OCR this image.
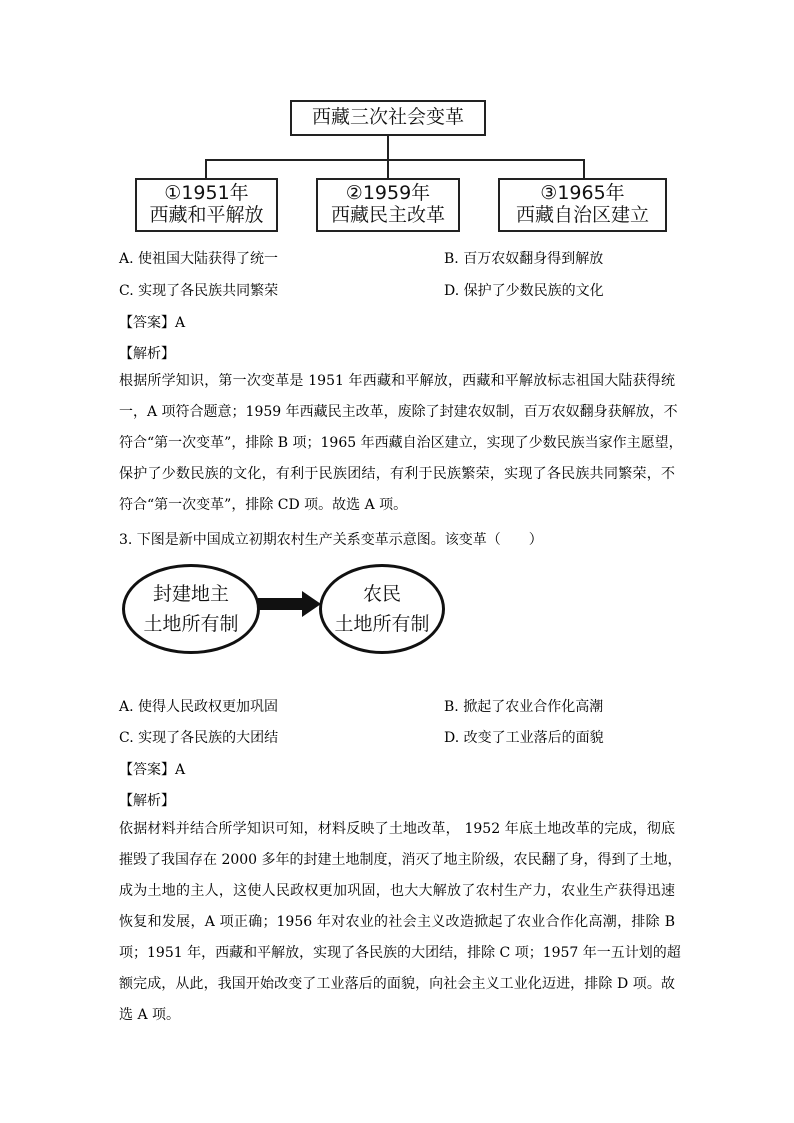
西藏三次社会变革
①1951年
西藏和平解放
②1959年
西藏民主改革
③1965年
西藏自治区建立
A. 使祖国大陆获得了统一	B. 百万农奴翻身得到解放
C. 实现了各民族共同繁荣	D. 保护了少数民族的文化
【答案】A
【解析】

根据所学知识，第一次变革是 1951 年西藏和平解放，西藏和平解放标志祖国大陆获得统

一，A 项符合题意；1959 年西藏民主改革，废除了封建农奴制，百万农奴翻身获解放，不

符合“第一次变革”，排除 B 项；1965 年西藏自治区建立，实现了少数民族当家作主愿望，

保护了少数民族的文化，有利于民族团结，有利于民族繁荣，实现了各民族共同繁荣，不

符合“第一次变革”，排除 CD 项。故选 A 项。

3. 下图是新中国成立初期农村生产关系变革示意图。该变革（　　）
封建地主
土地所有制
农民
土地所有制
A. 使得人民政权更加巩固	B. 掀起了农业合作化高潮
C. 实现了各民族的大团结	D. 改变了工业落后的面貌
【答案】A
【解析】

依据材料并结合所学知识可知，材料反映了土地改革， 1952 年底土地改革的完成，彻底

摧毁了我国存在 2000 多年的封建土地制度，消灭了地主阶级，农民翻了身，得到了土地，

成为土地的主人，这使人民政权更加巩固，也大大解放了农村生产力，农业生产获得迅速

恢复和发展，A 项正确；1956 年对农业的社会主义改造掀起了农业合作化高潮，排除 B

项；1951 年，西藏和平解放，实现了各民族的大团结，排除 C 项；1957 年一五计划的超

额完成，从此，我国开始改变了工业落后的面貌，向社会主义工业化迈进，排除 D 项。故

选 A 项。
